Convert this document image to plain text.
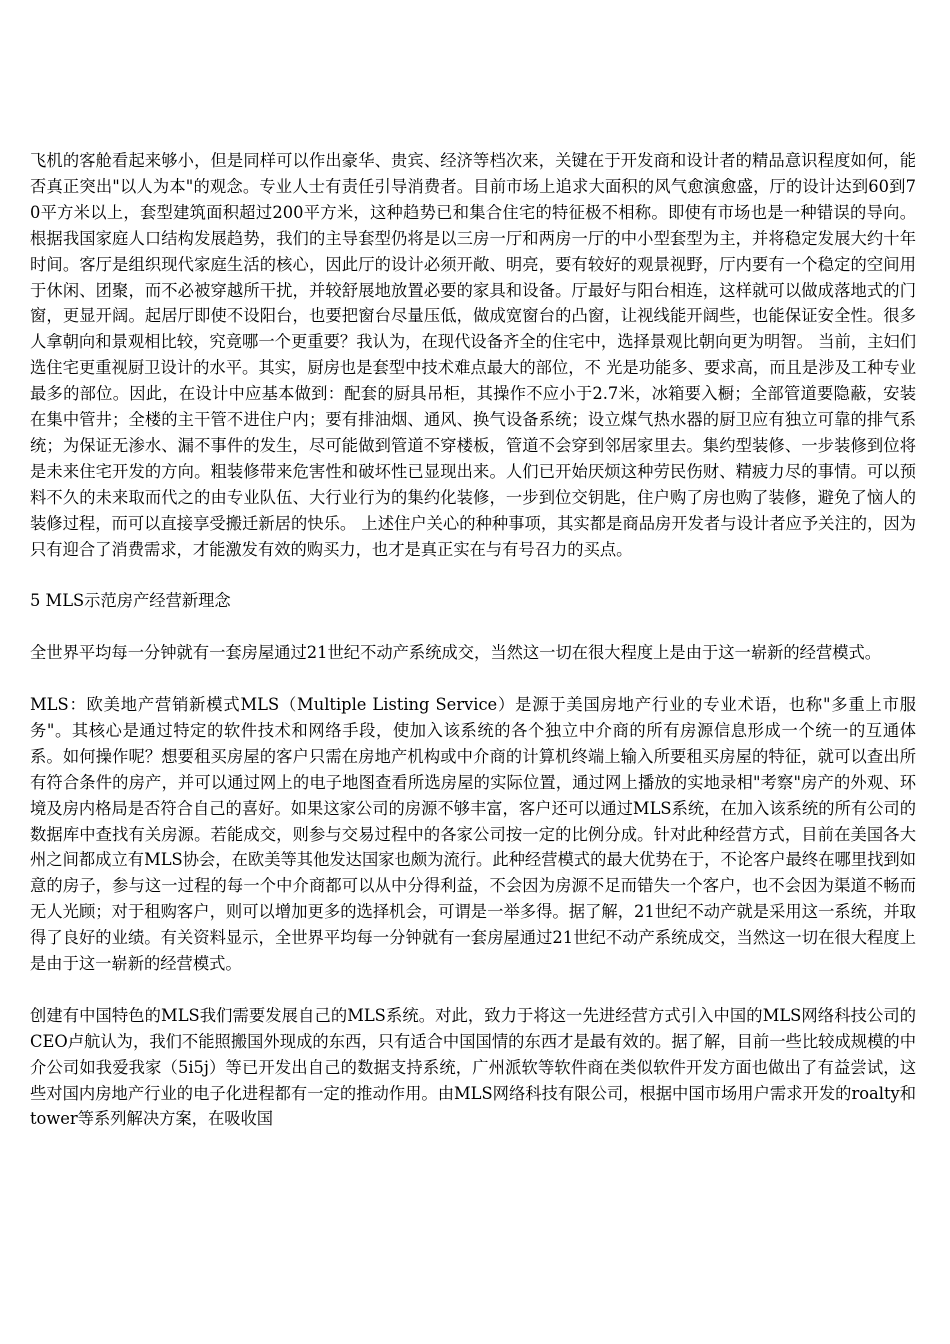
飞机的客舱看起来够小，但是同样可以作出豪华、贵宾、经济等档次来，关键在于开发商和设计者的精品意识程度如何，能否真正突出"以人为本"的观念。专业人士有责任引导消费者。目前市场上追求大面积的风气愈演愈盛，厅的设计达到60到70平方米以上，套型建筑面积超过200平方米，这种趋势已和集合住宅的特征极不相称。即使有市场也是一种错误的导向。根据我国家庭人口结构发展趋势，我们的主导套型仍将是以三房一厅和两房一厅的中小型套型为主，并将稳定发展大约十年时间。客厅是组织现代家庭生活的核心，因此厅的设计必须开敞、明亮，要有较好的观景视野，厅内要有一个稳定的空间用于休闲、团聚，而不必被穿越所干扰，并较舒展地放置必要的家具和设备。厅最好与阳台相连，这样就可以做成落地式的门窗，更显开阔。起居厅即使不设阳台，也要把窗台尽量压低，做成宽窗台的凸窗，让视线能开阔些，也能保证安全性。很多人拿朝向和景观相比较，究竟哪一个更重要？我认为，在现代设备齐全的住宅中，选择景观比朝向更为明智。 当前，主妇们选住宅更重视厨卫设计的水平。其实，厨房也是套型中技术难点最大的部位，不 光是功能多、要求高，而且是涉及工种专业最多的部位。因此，在设计中应基本做到：配套的厨具吊柜，其操作不应小于2.7米，冰箱要入橱；全部管道要隐蔽，安装在集中管井；全楼的主干管不进住户内；要有排油烟、通风、换气设备系统；设立煤气热水器的厨卫应有独立可靠的排气系统；为保证无渗水、漏不事件的发生，尽可能做到管道不穿楼板，管道不会穿到邻居家里去。集约型装修、一步装修到位将是未来住宅开发的方向。粗装修带来危害性和破坏性已显现出来。人们已开始厌烦这种劳民伤财、精疲力尽的事情。可以预料不久的未来取而代之的由专业队伍、大行业行为的集约化装修，一步到位交钥匙，住户购了房也购了装修，避免了恼人的装修过程，而可以直接享受搬迁新居的快乐。 上述住户关心的种种事项，其实都是商品房开发者与设计者应予关注的，因为只有迎合了消费需求，才能激发有效的购买力，也才是真正实在与有号召力的买点。

5 MLS示范房产经营新理念

全世界平均每一分钟就有一套房屋通过21世纪不动产系统成交，当然这一切在很大程度上是由于这一崭新的经营模式。

MLS：欧美地产营销新模式MLS（Multiple Listing Service）是源于美国房地产行业的专业术语，也称"多重上市服务"。其核心是通过特定的软件技术和网络手段，使加入该系统的各个独立中介商的所有房源信息形成一个统一的互通体系。如何操作呢？想要租买房屋的客户只需在房地产机构或中介商的计算机终端上输入所要租买房屋的特征，就可以查出所有符合条件的房产，并可以通过网上的电子地图查看所选房屋的实际位置，通过网上播放的实地录相"考察"房产的外观、环境及房内格局是否符合自己的喜好。如果这家公司的房源不够丰富，客户还可以通过MLS系统，在加入该系统的所有公司的数据库中查找有关房源。若能成交，则参与交易过程中的各家公司按一定的比例分成。针对此种经营方式，目前在美国各大州之间都成立有MLS协会，在欧美等其他发达国家也颇为流行。此种经营模式的最大优势在于，不论客户最终在哪里找到如意的房子，参与这一过程的每一个中介商都可以从中分得利益，不会因为房源不足而错失一个客户，也不会因为渠道不畅而无人光顾；对于租购客户，则可以增加更多的选择机会，可谓是一举多得。据了解，21世纪不动产就是采用这一系统，并取得了良好的业绩。有关资料显示，全世界平均每一分钟就有一套房屋通过21世纪不动产系统成交，当然这一切在很大程度上是由于这一崭新的经营模式。

创建有中国特色的MLS我们需要发展自己的MLS系统。对此，致力于将这一先进经营方式引入中国的MLS网络科技公司的CEO卢航认为，我们不能照搬国外现成的东西，只有适合中国国情的东西才是最有效的。据了解，目前一些比较成规模的中介公司如我爱我家（5i5j）等已开发出自己的数据支持系统，广州派软等软件商在类似软件开发方面也做出了有益尝试，这些对国内房地产行业的电子化进程都有一定的推动作用。由MLS网络科技有限公司，根据中国市场用户需求开发的roalty和tower等系列解决方案，在吸收国
